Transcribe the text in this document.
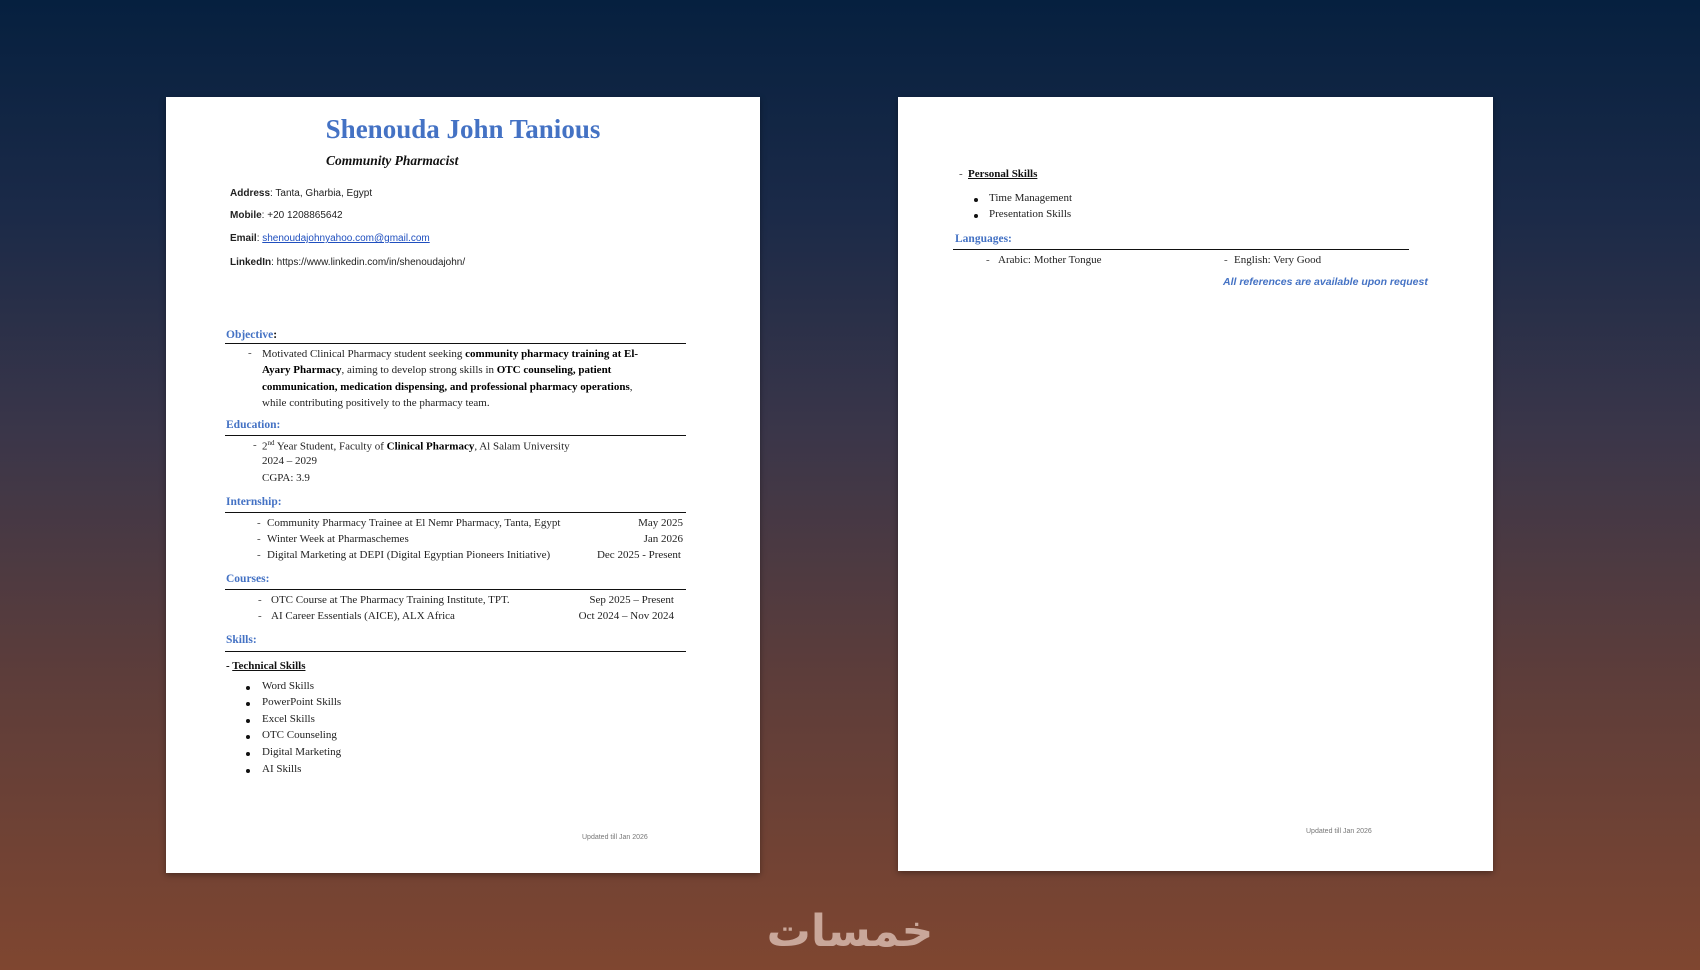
Shenouda John Tanious
Community Pharmacist
Address: Tanta, Gharbia, Egypt
Mobile: +20 1208865642
Email: shenoudajohnyahoo.com@gmail.com
LinkedIn: https://www.linkedin.com/in/shenoudajohn/
Objective:
- Motivated Clinical Pharmacy student seeking community pharmacy training at El-Ayary Pharmacy, aiming to develop strong skills in OTC counseling, patient communication, medication dispensing, and professional pharmacy operations, while contributing positively to the pharmacy team.
Education:
- 2nd Year Student, Faculty of Clinical Pharmacy, Al Salam University
2024 – 2029
CGPA: 3.9
Internship:
- Community Pharmacy Trainee at El Nemr Pharmacy, Tanta, Egypt	May 2025
- Winter Week at Pharmaschemes	Jan 2026
- Digital Marketing at DEPI (Digital Egyptian Pioneers Initiative)	Dec 2025 - Present
Courses:
- OTC Course at The Pharmacy Training Institute, TPT.	Sep 2025 – Present
- AI Career Essentials (AICE), ALX Africa	Oct 2024 – Nov 2024
Skills:
- Technical Skills
Word Skills
PowerPoint Skills
Excel Skills
OTC Counseling
Digital Marketing
AI Skills
Updated till Jan 2026
- Personal Skills
Time Management
Presentation Skills
Languages:
- Arabic: Mother Tongue	- English: Very Good
All references are available upon request
Updated till Jan 2026
خمسات
